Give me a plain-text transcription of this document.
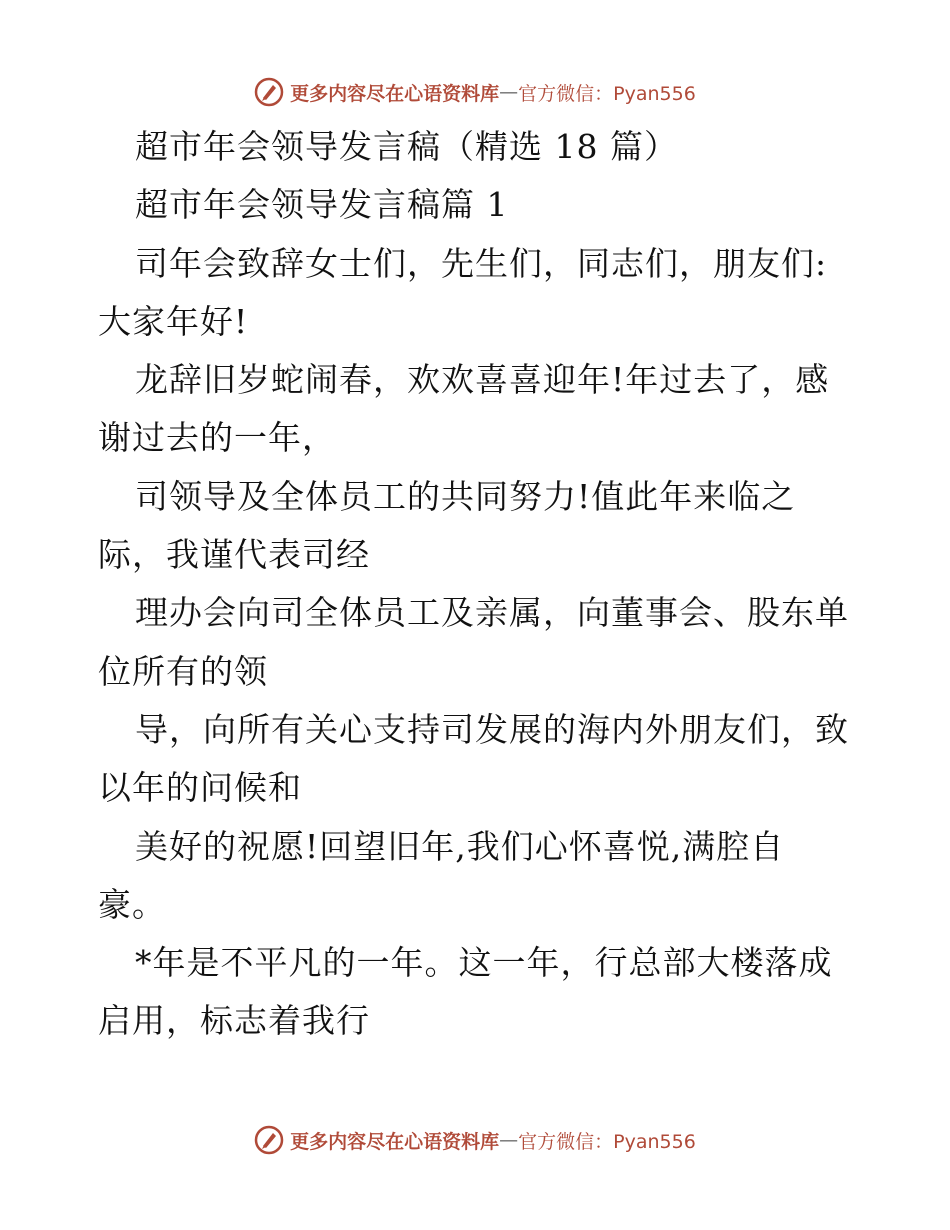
更多内容尽在心语资料库 — 官方微信：Pyan556
超市年会领导发言稿（精选 18 篇）
超市年会领导发言稿篇 1
司年会致辞女士们，先生们，同志们，朋友们:
大家年好!
龙辞旧岁蛇闹春，欢欢喜喜迎年!年过去了，感
谢过去的一年，
司领导及全体员工的共同努力!值此年来临之
际，我谨代表司经
理办会向司全体员工及亲属，向董事会、股东单
位所有的领
导，向所有关心支持司发展的海内外朋友们，致
以年的问候和
美好的祝愿!回望旧年,我们心怀喜悦,满腔自
豪。
*年是不平凡的一年。这一年，行总部大楼落成
启用，标志着我行
更多内容尽在心语资料库 — 官方微信：Pyan556
